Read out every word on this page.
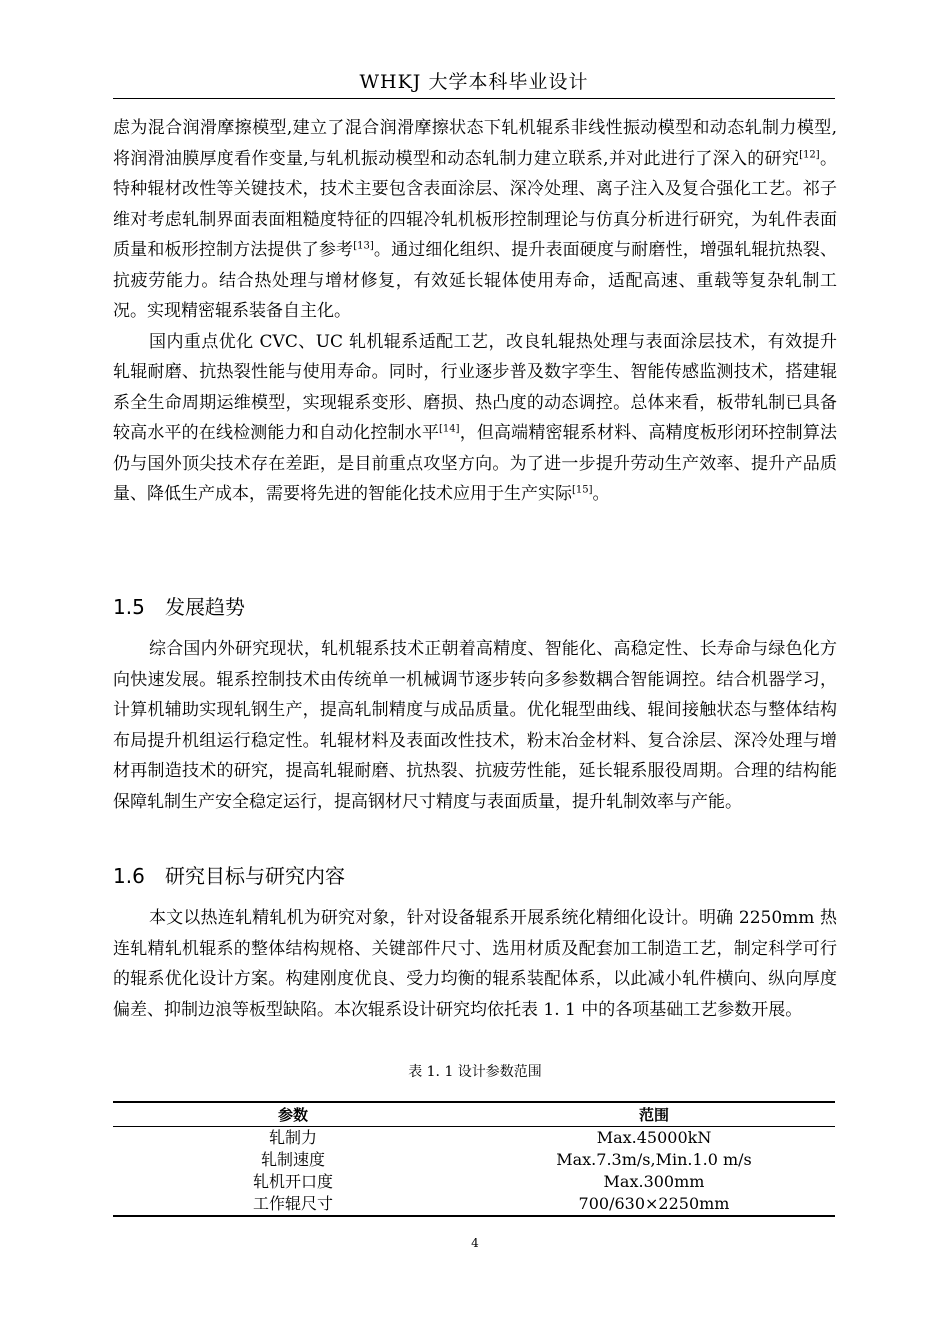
WHKJ 大学本科毕业设计

虑为混合润滑摩擦模型,建立了混合润滑摩擦状态下轧机辊系非线性振动模型和动态轧制力模型,将润滑油膜厚度看作变量,与轧机振动模型和动态轧制力建立联系,并对此进行了深入的研究[12]。特种辊材改性等关键技术，技术主要包含表面涂层、深冷处理、离子注入及复合强化工艺。祁子维对考虑轧制界面表面粗糙度特征的四辊冷轧机板形控制理论与仿真分析进行研究，为轧件表面质量和板形控制方法提供了参考[13]。通过细化组织、提升表面硬度与耐磨性，增强轧辊抗热裂、抗疲劳能力。结合热处理与增材修复，有效延长辊体使用寿命，适配高速、重载等复杂轧制工况。实现精密辊系装备自主化。

国内重点优化 CVC、UC 轧机辊系适配工艺，改良轧辊热处理与表面涂层技术，有效提升轧辊耐磨、抗热裂性能与使用寿命。同时，行业逐步普及数字孪生、智能传感监测技术，搭建辊系全生命周期运维模型，实现辊系变形、磨损、热凸度的动态调控。总体来看，板带轧制已具备较高水平的在线检测能力和自动化控制水平[14]，但高端精密辊系材料、高精度板形闭环控制算法仍与国外顶尖技术存在差距，是目前重点攻坚方向。为了进一步提升劳动生产效率、提升产品质量、降低生产成本，需要将先进的智能化技术应用于生产实际[15]。

1.5 发展趋势

综合国内外研究现状，轧机辊系技术正朝着高精度、智能化、高稳定性、长寿命与绿色化方向快速发展。辊系控制技术由传统单一机械调节逐步转向多参数耦合智能调控。结合机器学习，计算机辅助实现轧钢生产，提高轧制精度与成品质量。优化辊型曲线、辊间接触状态与整体结构布局提升机组运行稳定性。轧辊材料及表面改性技术，粉末冶金材料、复合涂层、深冷处理与增材再制造技术的研究，提高轧辊耐磨、抗热裂、抗疲劳性能，延长辊系服役周期。合理的结构能保障轧制生产安全稳定运行，提高钢材尺寸精度与表面质量，提升轧制效率与产能。

1.6 研究目标与研究内容

本文以热连轧精轧机为研究对象，针对设备辊系开展系统化精细化设计。明确 2250mm 热连轧精轧机辊系的整体结构规格、关键部件尺寸、选用材质及配套加工制造工艺，制定科学可行的辊系优化设计方案。构建刚度优良、受力均衡的辊系装配体系，以此减小轧件横向、纵向厚度偏差、抑制边浪等板型缺陷。本次辊系设计研究均依托表 1. 1 中的各项基础工艺参数开展。

表 1. 1 设计参数范围
参数	范围
轧制力	Max.45000kN
轧制速度	Max.7.3m/s,Min.1.0 m/s
轧机开口度	Max.300mm
工作辊尺寸	700/630×2250mm
4
